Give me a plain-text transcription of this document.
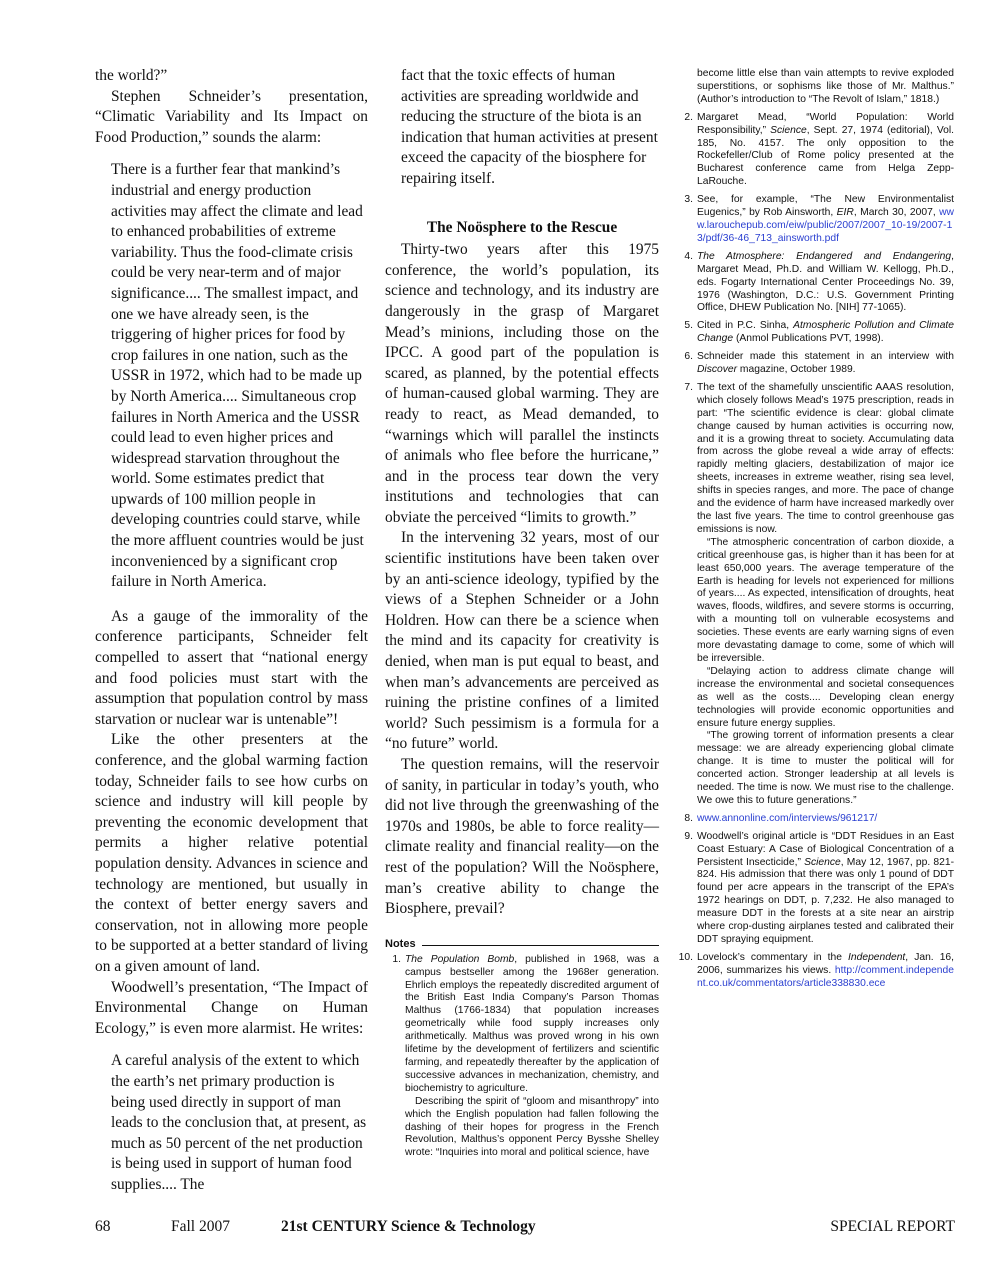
the world?”

Stephen Schneider’s presentation, “Climatic Variability and Its Impact on Food Production,” sounds the alarm:

There is a further fear that mankind’s industrial and energy production activities may affect the climate and lead to enhanced probabilities of extreme variability. Thus the food-climate crisis could be very near-term and of major significance.... The smallest impact, and one we have already seen, is the triggering of higher prices for food by crop failures in one nation, such as the USSR in 1972, which had to be made up by North America.... Simultaneous crop failures in North America and the USSR could lead to even higher prices and widespread starvation throughout the world. Some estimates predict that upwards of 100 million people in developing countries could starve, while the more affluent countries would be just inconvenienced by a significant crop failure in North America.

As a gauge of the immorality of the conference participants, Schneider felt compelled to assert that “national energy and food policies must start with the assumption that population control by mass starvation or nuclear war is untenable”!

Like the other presenters at the conference, and the global warming faction today, Schneider fails to see how curbs on science and industry will kill people by preventing the economic development that permits a higher relative potential population density. Advances in science and technology are mentioned, but usually in the context of better energy savers and conservation, not in allowing more people to be supported at a better standard of living on a given amount of land.

Woodwell’s presentation, “The Impact of Environmental Change on Human Ecology,” is even more alarmist. He writes:

A careful analysis of the extent to which the earth’s net primary production is being used directly in support of man leads to the conclusion that, at present, as much as 50 percent of the net production is being used in support of human food supplies.... The

fact that the toxic effects of human activities are spreading worldwide and reducing the structure of the biota is an indication that human activities at present exceed the capacity of the biosphere for repairing itself.

The Noösphere to the Rescue

Thirty-two years after this 1975 conference, the world’s population, its science and technology, and its industry are dangerously in the grasp of Margaret Mead’s minions, including those on the IPCC. A good part of the population is scared, as planned, by the potential effects of human-caused global warming. They are ready to react, as Mead demanded, to “warnings which will parallel the instincts of animals who flee before the hurricane,” and in the process tear down the very institutions and technologies that can obviate the perceived “limits to growth.”

In the intervening 32 years, most of our scientific institutions have been taken over by an anti-science ideology, typified by the views of a Stephen Schneider or a John Holdren. How can there be a science when the mind and its capacity for creativity is denied, when man is put equal to beast, and when man’s advancements are perceived as ruining the pristine confines of a limited world? Such pessimism is a formula for a “no future” world.

The question remains, will the reservoir of sanity, in particular in today’s youth, who did not live through the greenwashing of the 1970s and 1980s, be able to force reality—climate reality and financial reality—on the rest of the population? Will the Noösphere, man’s creative ability to change the Biosphere, prevail?

Notes
1. The Population Bomb, published in 1968, was a campus bestseller among the 1968er generation. Ehrlich employs the repeatedly discredited argument of the British East India Company’s Parson Thomas Malthus (1766-1834) that population increases geometrically while food supply increases only arithmetically. Malthus was proved wrong in his own lifetime by the development of fertilizers and scientific farming, and repeatedly thereafter by the application of successive advances in mechanization, chemistry, and biochemistry to agriculture.

Describing the spirit of “gloom and misanthropy” into which the English population had fallen following the dashing of their hopes for progress in the French Revolution, Malthus’s opponent Percy Bysshe Shelley wrote: “Inquiries into moral and political science, have

become little else than vain attempts to revive exploded superstitions, or sophisms like those of Mr. Malthus.” (Author’s introduction to “The Revolt of Islam,” 1818.)

2. Margaret Mead, “World Population: World Responsibility,” Science, Sept. 27, 1974 (editorial), Vol. 185, No. 4157. The only opposition to the Rockefeller/Club of Rome policy presented at the Bucharest conference came from Helga Zepp-LaRouche.

3. See, for example, “The New Environmentalist Eugenics,” by Rob Ainsworth, EIR, March 30, 2007, www.larouchepub.com/eiw/public/2007/2007_10-19/2007-13/pdf/36-46_713_ainsworth.pdf

4. The Atmosphere: Endangered and Endangering, Margaret Mead, Ph.D. and William W. Kellogg, Ph.D., eds. Fogarty International Center Proceedings No. 39, 1976 (Washington, D.C.: U.S. Government Printing Office, DHEW Publication No. [NIH] 77-1065).

5. Cited in P.C. Sinha, Atmospheric Pollution and Climate Change (Anmol Publications PVT, 1998).

6. Schneider made this statement in an interview with Discover magazine, October 1989.

7. The text of the shamefully unscientific AAAS resolution, which closely follows Mead’s 1975 prescription, reads in part: “The scientific evidence is clear: global climate change caused by human activities is occurring now, and it is a growing threat to society. Accumulating data from across the globe reveal a wide array of effects: rapidly melting glaciers, destabilization of major ice sheets, increases in extreme weather, rising sea level, shifts in species ranges, and more. The pace of change and the evidence of harm have increased markedly over the last five years. The time to control greenhouse gas emissions is now.

“The atmospheric concentration of carbon dioxide, a critical greenhouse gas, is higher than it has been for at least 650,000 years. The average temperature of the Earth is heading for levels not experienced for millions of years.... As expected, intensification of droughts, heat waves, floods, wildfires, and severe storms is occurring, with a mounting toll on vulnerable ecosystems and societies. These events are early warning signs of even more devastating damage to come, some of which will be irreversible.

“Delaying action to address climate change will increase the environmental and societal consequences as well as the costs.... Developing clean energy technologies will provide economic opportunities and ensure future energy supplies.

“The growing torrent of information presents a clear message: we are already experiencing global climate change. It is time to muster the political will for concerted action. Stronger leadership at all levels is needed. The time is now. We must rise to the challenge. We owe this to future generations.”

8. www.annonline.com/interviews/961217/

9. Woodwell’s original article is “DDT Residues in an East Coast Estuary: A Case of Biological Concentration of a Persistent Insecticide,” Science, May 12, 1967, pp. 821-824. His admission that there was only 1 pound of DDT found per acre appears in the transcript of the EPA’s 1972 hearings on DDT, p. 7,232. He also managed to measure DDT in the forests at a site near an airstrip where crop-dusting airplanes tested and calibrated their DDT spraying equipment.

10. Lovelock’s commentary in the Independent, Jan. 16, 2006, summarizes his views. http://comment.independent.co.uk/commentators/article338830.ece

68	Fall 2007	21st CENTURY Science & Technology	SPECIAL REPORT
